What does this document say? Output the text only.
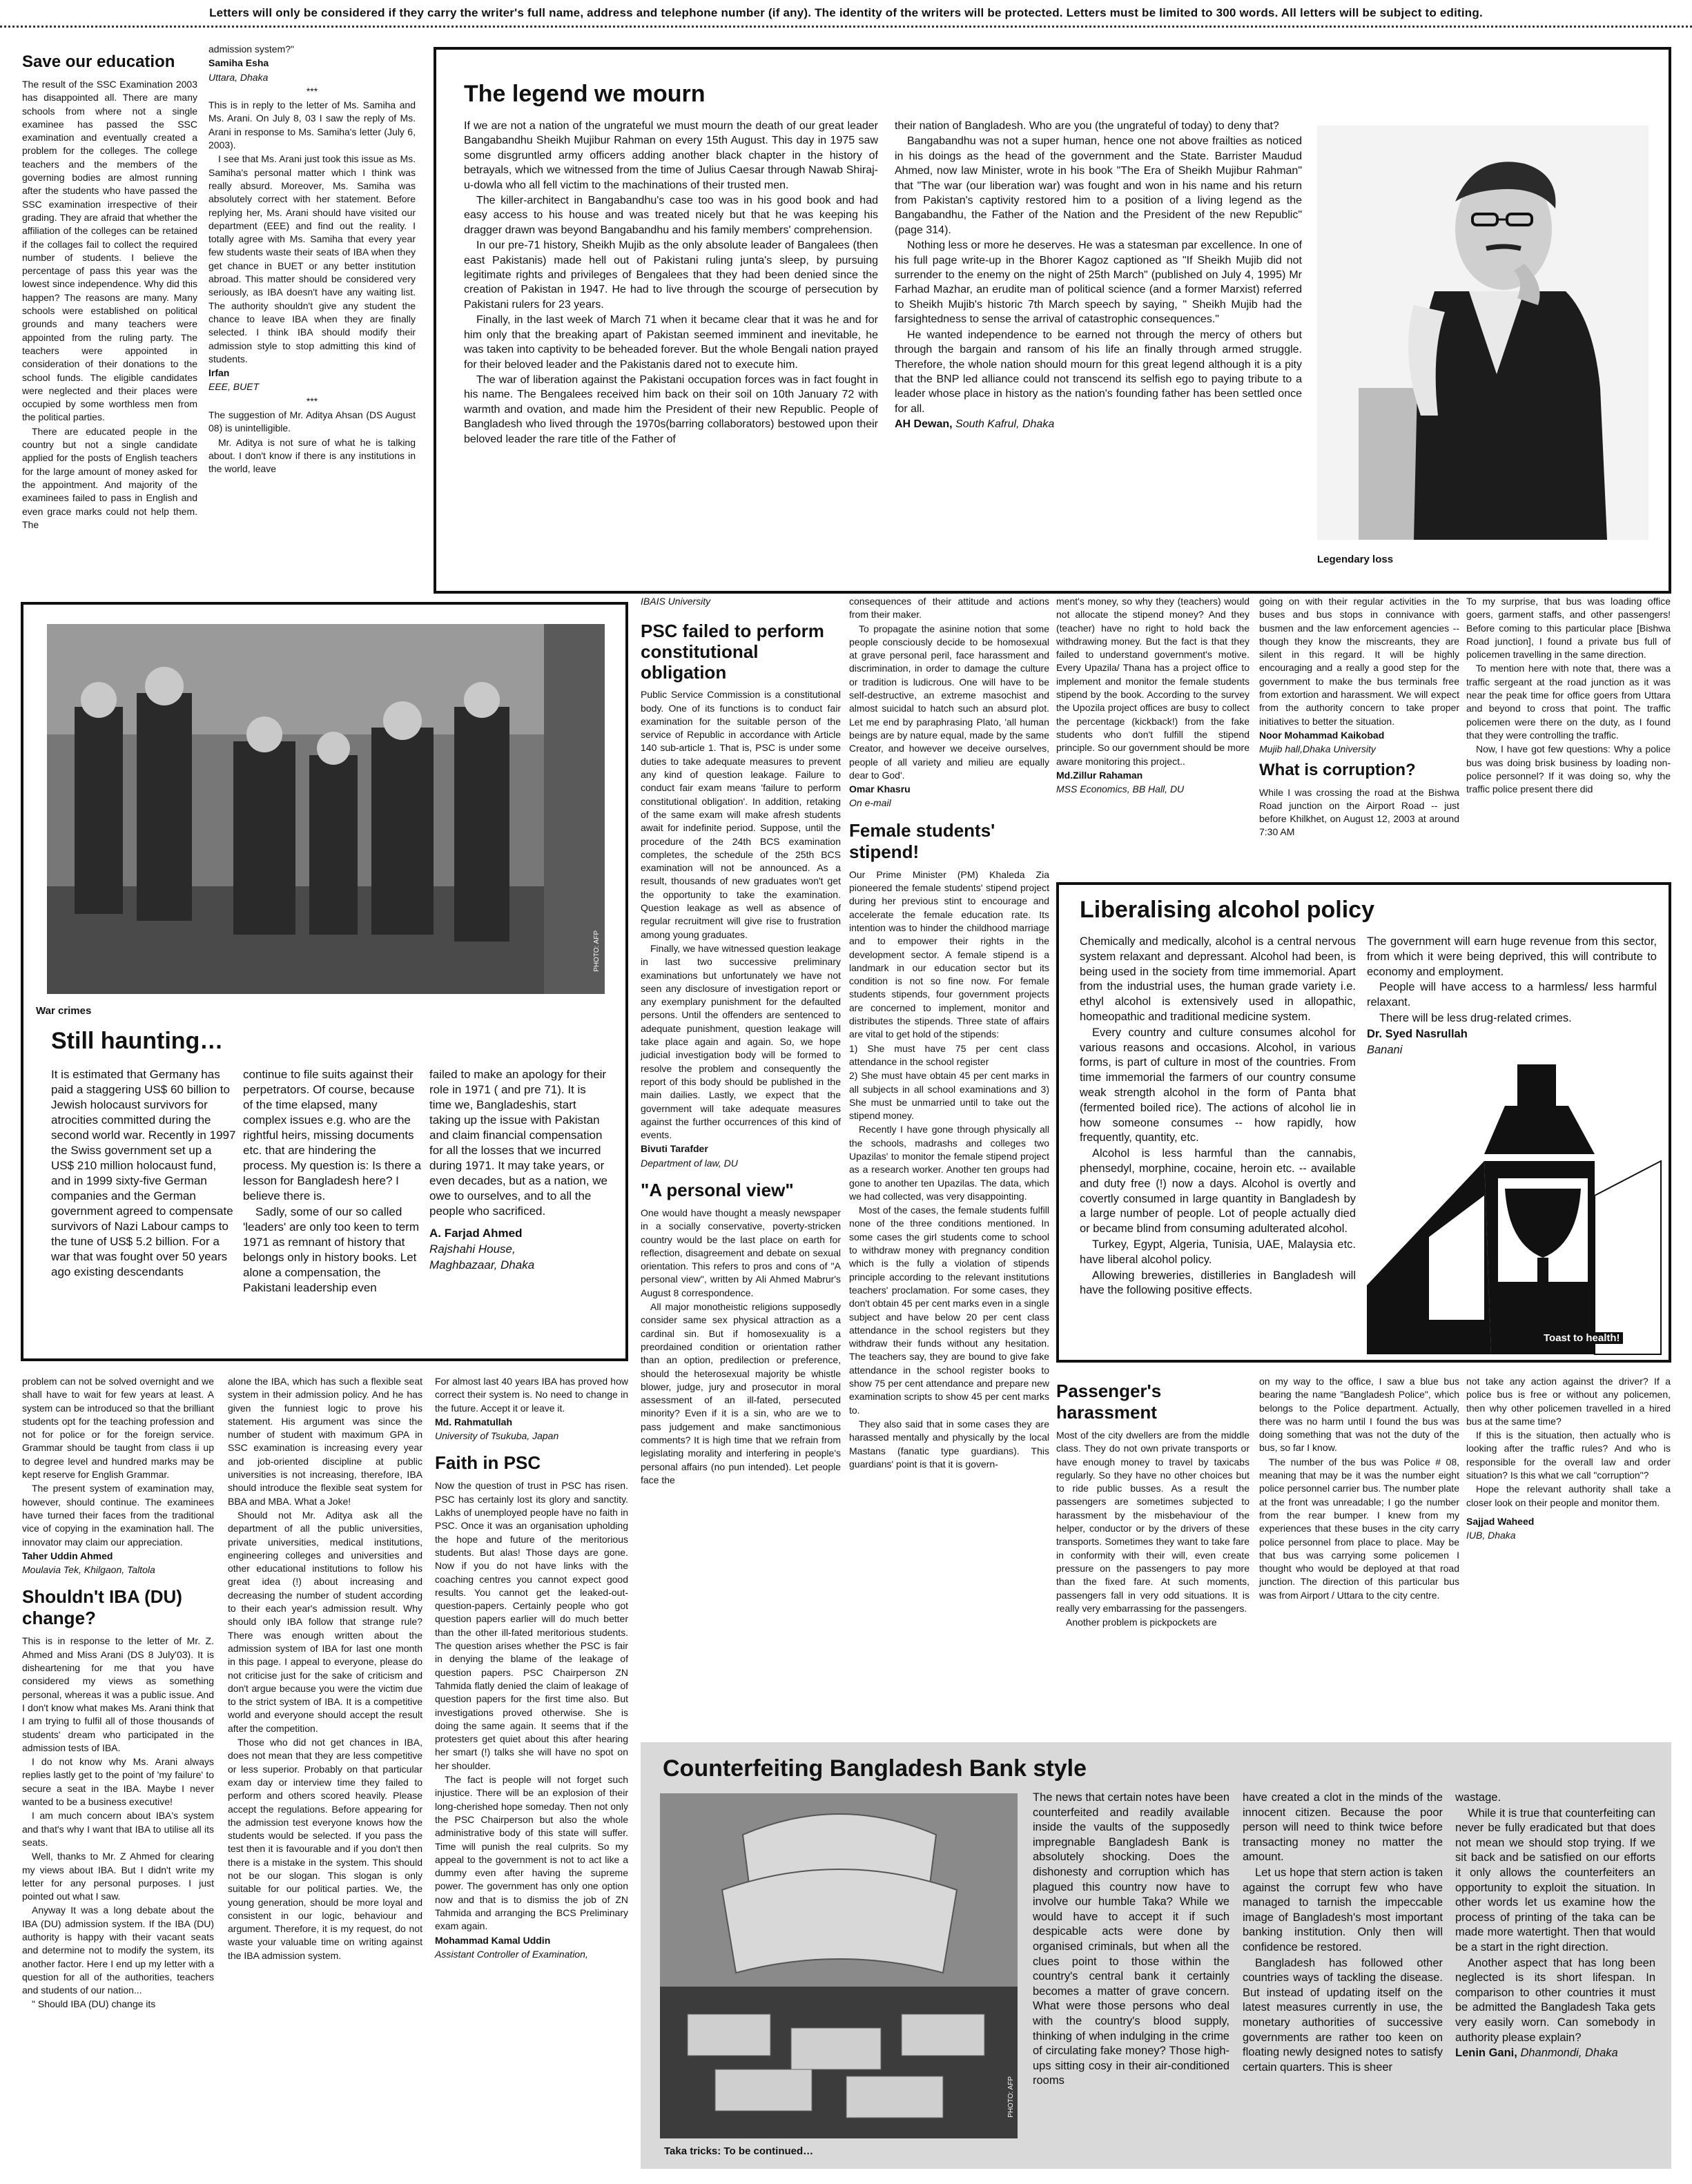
Letters will only be considered if they carry the writer's full name, address and telephone number (if any). The identity of the writers will be protected. Letters must be limited to 300 words. All letters will be subject to editing.
Save our education

The result of the SSC Examination 2003 has disappointed all. There are many schools from where not a single examinee has passed the SSC examination and eventually created a problem for the colleges. The college teachers and the members of the governing bodies are almost running after the students who have passed the SSC examination irrespective of their grading. They are afraid that whether the affiliation of the colleges can be retained if the collages fail to collect the required number of students. I believe the percentage of pass this year was the lowest since independence. Why did this happen? The reasons are many. Many schools were established on political grounds and many teachers were appointed from the ruling party. The teachers were appointed in consideration of their donations to the school funds. The eligible candidates were neglected and their places were occupied by some worthless men from the political parties.

There are educated people in the country but not a single candidate applied for the posts of English teachers for the large amount of money asked for the appointment. And majority of the examinees failed to pass in English and even grace marks could not help them. The

admission system?"

Samiha Esha

Uttara, Dhaka

***

This is in reply to the letter of Ms. Samiha and Ms. Arani. On July 8, 03 I saw the reply of Ms. Arani in response to Ms. Samiha's letter (July 6, 2003).

I see that Ms. Arani just took this issue as Ms. Samiha's personal matter which I think was really absurd. Moreover, Ms. Samiha was absolutely correct with her statement. Before replying her, Ms. Arani should have visited our department (EEE) and find out the reality. I totally agree with Ms. Samiha that every year few students waste their seats of IBA when they get chance in BUET or any better institution abroad. This matter should be considered very seriously, as IBA doesn't have any waiting list. The authority shouldn't give any student the chance to leave IBA when they are finally selected. I think IBA should modify their admission style to stop admitting this kind of students.

Irfan

EEE, BUET

***

The suggestion of Mr. Aditya Ahsan (DS August 08) is unintelligible.

Mr. Aditya is not sure of what he is talking about. I don't know if there is any institutions in the world, leave

The legend we mourn

If we are not a nation of the ungrateful we must mourn the death of our great leader Bangabandhu Sheikh Mujibur Rahman on every 15th August. This day in 1975 saw some disgruntled army officers adding another black chapter in the history of betrayals, which we witnessed from the time of Julius Caesar through Nawab Shiraj-u-dowla who all fell victim to the machinations of their trusted men.

The killer-architect in Bangabandhu's case too was in his good book and had easy access to his house and was treated nicely but that he was keeping his dragger drawn was beyond Bangabandhu and his family members' comprehension.

In our pre-71 history, Sheikh Mujib as the only absolute leader of Bangalees (then east Pakistanis) made hell out of Pakistani ruling junta's sleep, by pursuing legitimate rights and privileges of Bengalees that they had been denied since the creation of Pakistan in 1947. He had to live through the scourge of persecution by Pakistani rulers for 23 years.

Finally, in the last week of March 71 when it became clear that it was he and for him only that the breaking apart of Pakistan seemed imminent and inevitable, he was taken into captivity to be beheaded forever. But the whole Bengali nation prayed for their beloved leader and the Pakistanis dared not to execute him.

The war of liberation against the Pakistani occupation forces was in fact fought in his name. The Bengalees received him back on their soil on 10th January 72 with warmth and ovation, and made him the President of their new Republic. People of Bangladesh who lived through the 1970s(barring collaborators) bestowed upon their beloved leader the rare title of the Father of

their nation of Bangladesh. Who are you (the ungrateful of today) to deny that?

Bangabandhu was not a super human, hence one not above frailties as noticed in his doings as the head of the government and the State. Barrister Maudud Ahmed, now law Minister, wrote in his book "The Era of Sheikh Mujibur Rahman" that "The war (our liberation war) was fought and won in his name and his return from Pakistan's captivity restored him to a position of a living legend as the Bangabandhu, the Father of the Nation and the President of the new Republic" (page 314).

Nothing less or more he deserves. He was a statesman par excellence. In one of his full page write-up in the Bhorer Kagoz captioned as "If Sheikh Mujib did not surrender to the enemy on the night of 25th March" (published on July 4, 1995) Mr Farhad Mazhar, an erudite man of political science (and a former Marxist) referred to Sheikh Mujib's historic 7th March speech by saying, " Sheikh Mujib had the farsightedness to sense the arrival of catastrophic consequences."

He wanted independence to be earned not through the mercy of others but through the bargain and ransom of his life an finally through armed struggle. Therefore, the whole nation should mourn for this great legend although it is a pity that the BNP led alliance could not transcend its selfish ego to paying tribute to a leader whose place in history as the nation's founding father has been settled once for all.

AH Dewan, South Kafrul, Dhaka

Legendary loss
PHOTO: AFP
War crimes
Still haunting…

It is estimated that Germany has paid a staggering US$ 60 billion to Jewish holocaust survivors for atrocities committed during the second world war. Recently in 1997 the Swiss government set up a US$ 210 million holocaust fund, and in 1999 sixty-five German companies and the German government agreed to compensate survivors of Nazi Labour camps to the tune of US$ 5.2 billion. For a war that was fought over 50 years ago existing descendants

continue to file suits against their perpetrators. Of course, because of the time elapsed, many complex issues e.g. who are the rightful heirs, missing documents etc. that are hindering the process. My question is: Is there a lesson for Bangladesh here? I believe there is.

Sadly, some of our so called 'leaders' are only too keen to term 1971 as remnant of history that belongs only in history books. Let alone a compensation, the Pakistani leadership even

failed to make an apology for their role in 1971 ( and pre 71). It is time we, Bangladeshis, start taking up the issue with Pakistan and claim financial compensation for all the losses that we incurred during 1971. It may take years, or even decades, but as a nation, we owe to ourselves, and to all the people who sacrificed.

A. Farjad Ahmed

Rajshahi House,

Maghbazaar, Dhaka

IBAIS University

PSC failed to perform constitutional obligation

Public Service Commission is a constitutional body. One of its functions is to conduct fair examination for the suitable person of the service of Republic in accordance with Article 140 sub-article 1. That is, PSC is under some duties to take adequate measures to prevent any kind of question leakage. Failure to conduct fair exam means 'failure to perform constitutional obligation'. In addition, retaking of the same exam will make afresh students await for indefinite period. Suppose, until the procedure of the 24th BCS examination completes, the schedule of the 25th BCS examination will not be announced. As a result, thousands of new graduates won't get the opportunity to take the examination. Question leakage as well as absence of regular recruitment will give rise to frustration among young graduates.

Finally, we have witnessed question leakage in last two successive preliminary examinations but unfortunately we have not seen any disclosure of investigation report or any exemplary punishment for the defaulted persons. Until the offenders are sentenced to adequate punishment, question leakage will take place again and again. So, we hope judicial investigation body will be formed to resolve the problem and consequently the report of this body should be published in the main dailies. Lastly, we expect that the government will take adequate measures against the further occurrences of this kind of events.

Bivuti Tarafder

Department of law, DU

"A personal view"

One would have thought a measly newspaper in a socially conservative, poverty-stricken country would be the last place on earth for reflection, disagreement and debate on sexual orientation. This refers to pros and cons of "A personal view", written by Ali Ahmed Mabrur's August 8 correspondence.

All major monotheistic religions supposedly consider same sex physical attraction as a cardinal sin. But if homosexuality is a preordained condition or orientation rather than an option, predilection or preference, should the heterosexual majority be whistle blower, judge, jury and prosecutor in moral assessment of an ill-fated, persecuted minority? Even if it is a sin, who are we to pass judgement and make sanctimonious comments? It is high time that we refrain from legislating morality and interfering in people's personal affairs (no pun intended). Let people face the

consequences of their attitude and actions from their maker.

To propagate the asinine notion that some people consciously decide to be homosexual at grave personal peril, face harassment and discrimination, in order to damage the culture or tradition is ludicrous. One will have to be self-destructive, an extreme masochist and almost suicidal to hatch such an absurd plot. Let me end by paraphrasing Plato, 'all human beings are by nature equal, made by the same Creator, and however we deceive ourselves, people of all variety and milieu are equally dear to God'.

Omar Khasru

On e-mail

Female students' stipend!

Our Prime Minister (PM) Khaleda Zia pioneered the female students' stipend project during her previous stint to encourage and accelerate the female education rate. Its intention was to hinder the childhood marriage and to empower their rights in the development sector. A female stipend is a landmark in our education sector but its condition is not so fine now. For female students stipends, four government projects are concerned to implement, monitor and distributes the stipends. Three state of affairs are vital to get hold of the stipends:

1) She must have 75 per cent class attendance in the school register

2) She must have obtain 45 per cent marks in all subjects in all school examinations and 3) She must be unmarried until to take out the stipend money.

Recently I have gone through physically all the schools, madrashs and colleges two Upazilas' to monitor the female stipend project as a research worker. Another ten groups had gone to another ten Upazilas. The data, which we had collected, was very disappointing.

Most of the cases, the female students fulfill none of the three conditions mentioned. In some cases the girl students come to school to withdraw money with pregnancy condition which is the fully a violation of stipends principle according to the relevant institutions teachers' proclamation. For some cases, they don't obtain 45 per cent marks even in a single subject and have below 20 per cent class attendance in the school registers but they withdraw their funds without any hesitation. The teachers say, they are bound to give fake attendance in the school register books to show 75 per cent attendance and prepare new examination scripts to show 45 per cent marks to.

They also said that in some cases they are harassed mentally and physically by the local Mastans (fanatic type guardians). This guardians' point is that it is govern-

ment's money, so why they (teachers) would not allocate the stipend money? And they (teacher) have no right to hold back the withdrawing money. But the fact is that they failed to understand government's motive. Every Upazila/ Thana has a project office to implement and monitor the female students stipend by the book. According to the survey the Upozila project offices are busy to collect the percentage (kickback!) from the fake students who don't fulfill the stipend principle. So our government should be more aware monitoring this project..

Md.Zillur Rahaman

MSS Economics, BB Hall, DU

going on with their regular activities in the buses and bus stops in connivance with busmen and the law enforcement agencies -- though they know the miscreants, they are silent in this regard. It will be highly encouraging and a really a good step for the government to make the bus terminals free from extortion and harassment. We will expect from the authority concern to take proper initiatives to better the situation.

Noor Mohammad Kaikobad

Mujib hall,Dhaka University

What is corruption?

While I was crossing the road at the Bishwa Road junction on the Airport Road -- just before Khilkhet, on August 12, 2003 at around 7:30 AM

To my surprise, that bus was loading office goers, garment staffs, and other passengers! Before coming to this particular place [Bishwa Road junction], I found a private bus full of policemen travelling in the same direction.

To mention here with note that, there was a traffic sergeant at the road junction as it was near the peak time for office goers from Uttara and beyond to cross that point. The traffic policemen were there on the duty, as I found that they were controlling the traffic.

Now, I have got few questions: Why a police bus was doing brisk business by loading non-police personnel? If it was doing so, why the traffic police present there did

Liberalising alcohol policy

Chemically and medically, alcohol is a central nervous system relaxant and depressant. Alcohol had been, is being used in the society from time immemorial. Apart from the industrial uses, the human grade variety i.e. ethyl alcohol is extensively used in allopathic, homeopathic and traditional medicine system.

Every country and culture consumes alcohol for various reasons and occasions. Alcohol, in various forms, is part of culture in most of the countries. From time immemorial the farmers of our country consume weak strength alcohol in the form of Panta bhat (fermented boiled rice). The actions of alcohol lie in how someone consumes -- how rapidly, how frequently, quantity, etc.

Alcohol is less harmful than the cannabis, phensedyl, morphine, cocaine, heroin etc. -- available and duty free (!) now a days. Alcohol is overtly and covertly consumed in large quantity in Bangladesh by a large number of people. Lot of people actually died or became blind from consuming adulterated alcohol.

Turkey, Egypt, Algeria, Tunisia, UAE, Malaysia etc. have liberal alcohol policy.

Allowing breweries, distilleries in Bangladesh will have the following positive effects.

The government will earn huge revenue from this sector, from which it were being deprived, this will contribute to economy and employment.

People will have access to a harmless/ less harmful relaxant.

There will be less drug-related crimes.

Dr. Syed Nasrullah

Banani

Toast to health!

problem can not be solved overnight and we shall have to wait for few years at least. A system can be introduced so that the brilliant students opt for the teaching profession and not for police or for the foreign service. Grammar should be taught from class ii up to degree level and hundred marks may be kept reserve for English Grammar.

The present system of examination may, however, should continue. The examinees have turned their faces from the traditional vice of copying in the examination hall. The innovator may claim our appreciation.

Taher Uddin Ahmed

Moulavia Tek, Khilgaon, Taltola

Shouldn't IBA (DU) change?

This is in response to the letter of Mr. Z. Ahmed and Miss Arani (DS 8 July'03). It is disheartening for me that you have considered my views as something personal, whereas it was a public issue. And I don't know what makes Ms. Arani think that I am trying to fulfil all of those thousands of students' dream who participated in the admission tests of IBA.

I do not know why Ms. Arani always replies lastly get to the point of 'my failure' to secure a seat in the IBA. Maybe I never wanted to be a business executive!

I am much concern about IBA's system and that's why I want that IBA to utilise all its seats.

Well, thanks to Mr. Z Ahmed for clearing my views about IBA. But I didn't write my letter for any personal purposes. I just pointed out what I saw.

Anyway It was a long debate about the IBA (DU) admission system. If the IBA (DU) authority is happy with their vacant seats and determine not to modify the system, its another factor. Here I end up my letter with a question for all of the authorities, teachers and students of our nation...

" Should IBA (DU) change its

alone the IBA, which has such a flexible seat system in their admission policy. And he has given the funniest logic to prove his statement. His argument was since the number of student with maximum GPA in SSC examination is increasing every year and job-oriented discipline at public universities is not increasing, therefore, IBA should introduce the flexible seat system for BBA and MBA. What a Joke!

Should not Mr. Aditya ask all the department of all the public universities, private universities, medical institutions, engineering colleges and universities and other educational institutions to follow his great idea (!) about increasing and decreasing the number of student according to their each year's admission result. Why should only IBA follow that strange rule? There was enough written about the admission system of IBA for last one month in this page. I appeal to everyone, please do not criticise just for the sake of criticism and don't argue because you were the victim due to the strict system of IBA. It is a competitive world and everyone should accept the result after the competition.

Those who did not get chances in IBA, does not mean that they are less competitive or less superior. Probably on that particular exam day or interview time they failed to perform and others scored heavily. Please accept the regulations. Before appearing for the admission test everyone knows how the students would be selected. If you pass the test then it is favourable and if you don't then there is a mistake in the system. This should not be our slogan. This slogan is only suitable for our political parties. We, the young generation, should be more loyal and consistent in our logic, behaviour and argument. Therefore, it is my request, do not waste your valuable time on writing against the IBA admission system.

For almost last 40 years IBA has proved how correct their system is. No need to change in the future. Accept it or leave it.

Md. Rahmatullah

University of Tsukuba, Japan

Faith in PSC

Now the question of trust in PSC has risen. PSC has certainly lost its glory and sanctity. Lakhs of unemployed people have no faith in PSC. Once it was an organisation upholding the hope and future of the meritorious students. But alas! Those days are gone. Now if you do not have links with the coaching centres you cannot expect good results. You cannot get the leaked-out-question-papers. Certainly people who got question papers earlier will do much better than the other ill-fated meritorious students. The question arises whether the PSC is fair in denying the blame of the leakage of question papers. PSC Chairperson ZN Tahmida flatly denied the claim of leakage of question papers for the first time also. But investigations proved otherwise. She is doing the same again. It seems that if the protesters get quiet about this after hearing her smart (!) talks she will have no spot on her shoulder.

The fact is people will not forget such injustice. There will be an explosion of their long-cherished hope someday. Then not only the PSC Chairperson but also the whole administrative body of this state will suffer. Time will punish the real culprits. So my appeal to the government is not to act like a dummy even after having the supreme power. The government has only one option now and that is to dismiss the job of ZN Tahmida and arranging the BCS Preliminary exam again.

Mohammad Kamal Uddin

Assistant Controller of Examination,

Passenger's harassment

Most of the city dwellers are from the middle class. They do not own private transports or have enough money to travel by taxicabs regularly. So they have no other choices but to ride public busses. As a result the passengers are sometimes subjected to harassment by the misbehaviour of the helper, conductor or by the drivers of these transports. Sometimes they want to take fare in conformity with their will, even create pressure on the passengers to pay more than the fixed fare. At such moments, passengers fall in very odd situations. It is really very embarrassing for the passengers.

Another problem is pickpockets are

on my way to the office, I saw a blue bus bearing the name "Bangladesh Police", which belongs to the Police department. Actually, there was no harm until I found the bus was doing something that was not the duty of the bus, so far I know.

The number of the bus was Police # 08, meaning that may be it was the number eight police personnel carrier bus. The number plate at the front was unreadable; I go the number from the rear bumper. I knew from my experiences that these buses in the city carry police personnel from place to place. May be that bus was carrying some policemen I thought who would be deployed at that road junction. The direction of this particular bus was from Airport / Uttara to the city centre.

not take any action against the driver? If a police bus is free or without any policemen, then why other policemen travelled in a hired bus at the same time?

If this is the situation, then actually who is looking after the traffic rules? And who is responsible for the overall law and order situation? Is this what we call "corruption"?

Hope the relevant authority shall take a closer look on their people and monitor them.

Sajjad Waheed

IUB, Dhaka

Counterfeiting Bangladesh Bank style
PHOTO: AFP
Taka tricks: To be continued…

The news that certain notes have been counterfeited and readily available inside the vaults of the supposedly impregnable Bangladesh Bank is absolutely shocking. Does the dishonesty and corruption which has plagued this country now have to involve our humble Taka? While we would have to accept it if such despicable acts were done by organised criminals, but when all the clues point to those within the country's central bank it certainly becomes a matter of grave concern. What were those persons who deal with the country's blood supply, thinking of when indulging in the crime of circulating fake money? Those high-ups sitting cosy in their air-conditioned rooms

have created a clot in the minds of the innocent citizen. Because the poor person will need to think twice before transacting money no matter the amount.

Let us hope that stern action is taken against the corrupt few who have managed to tarnish the impeccable image of Bangladesh's most important banking institution. Only then will confidence be restored.

Bangladesh has followed other countries ways of tackling the disease. But instead of updating itself on the latest measures currently in use, the monetary authorities of successive governments are rather too keen on floating newly designed notes to satisfy certain quarters. This is sheer

wastage.

While it is true that counterfeiting can never be fully eradicated but that does not mean we should stop trying. If we sit back and be satisfied on our efforts it only allows the counterfeiters an opportunity to exploit the situation. In other words let us examine how the process of printing of the taka can be made more watertight. Then that would be a start in the right direction.

Another aspect that has long been neglected is its short lifespan. In comparison to other countries it must be admitted the Bangladesh Taka gets very easily worn. Can somebody in authority please explain?

Lenin Gani, Dhanmondi, Dhaka
